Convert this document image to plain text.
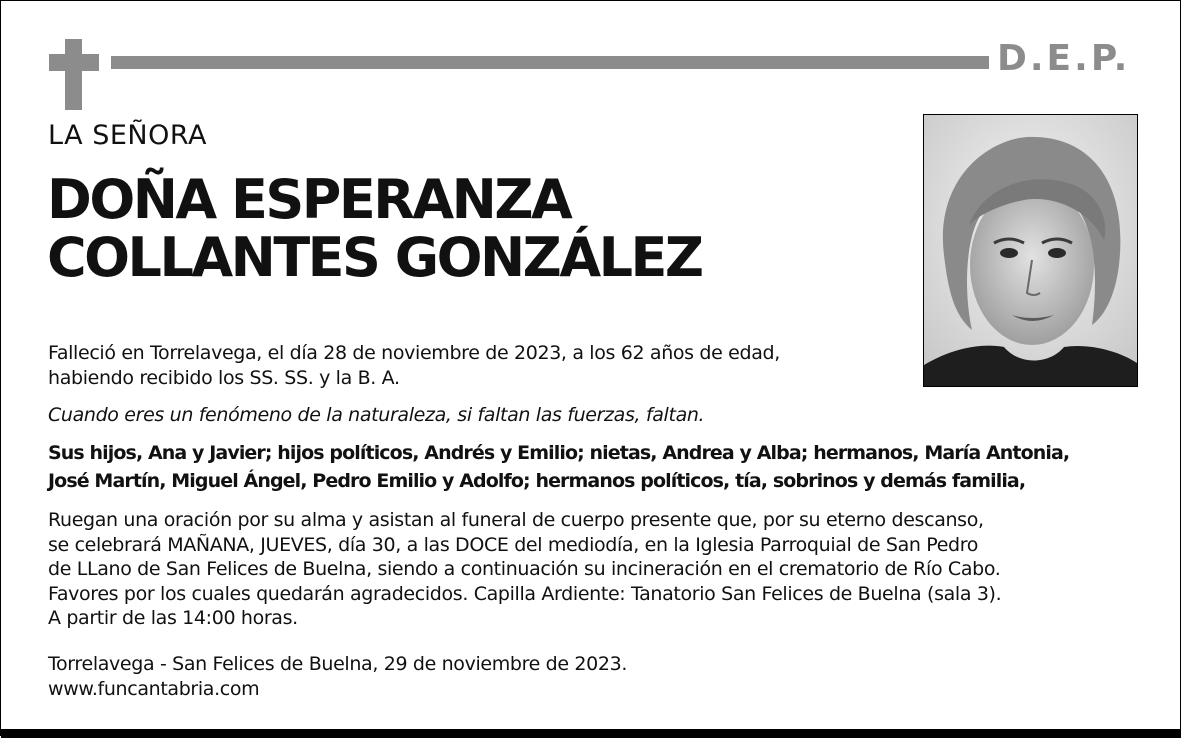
D.E.P.
LA SEÑORA
DOÑA ESPERANZA
COLLANTES GONZÁLEZ
Falleció en Torrelavega, el día 28 de noviembre de 2023, a los 62 años de edad,
habiendo recibido los SS. SS. y la B. A.
Cuando eres un fenómeno de la naturaleza, si faltan las fuerzas, faltan.
Sus hijos, Ana y Javier; hijos políticos, Andrés y Emilio; nietas, Andrea y Alba; hermanos, María Antonia,
José Martín, Miguel Ángel, Pedro Emilio y Adolfo; hermanos políticos, tía, sobrinos y demás familia,
Ruegan una oración por su alma y asistan al funeral de cuerpo presente que, por su eterno descanso,
se celebrará MAÑANA, JUEVES, día 30, a las DOCE del mediodía, en la Iglesia Parroquial de San Pedro
de LLano de San Felices de Buelna, siendo a continuación su incineración en el crematorio de Río Cabo.
Favores por los cuales quedarán agradecidos. Capilla Ardiente: Tanatorio San Felices de Buelna (sala 3).
A partir de las 14:00 horas.
Torrelavega - San Felices de Buelna, 29 de noviembre de 2023.
www.funcantabria.com
